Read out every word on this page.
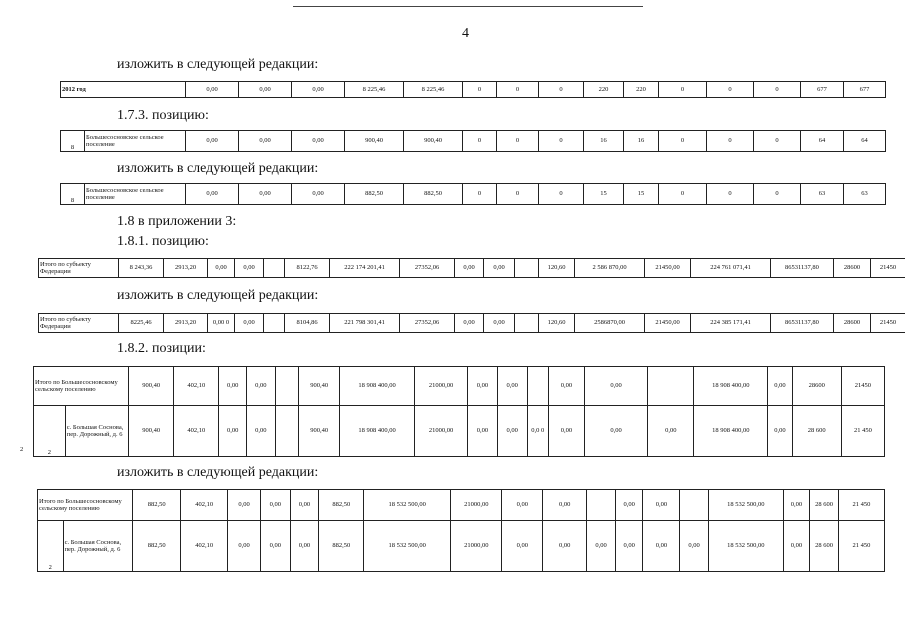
4
изложить в следующей редакции:
2012 год	0,00	0,00	0,00	8 225,46	8 225,46	0	0	0	220	220	0	0	0	677	677
1.7.3. позицию:
8	Большесосновское сельское поселение	0,00	0,00	0,00	900,40	900,40	0	0	0	16	16	0	0	0	64	64
изложить в следующей редакции:
8	Большесосновское сельское поселение	0,00	0,00	0,00	882,50	882,50	0	0	0	15	15	0	0	0	63	63
1.8 в приложении 3:
1.8.1. позицию:
Итого по субъекту Федерации	8 243,36	2913,20	0,00	0,00		8122,76	222 174 201,41	27352,06	0,00	0,00		120,60	2 586 870,00	21450,00	224 761 071,41	86531137,80	28600	21450
изложить в следующей редакции:
Итого по субъекту Федерации	8225,46	2913,20	0,00 0	0,00		8104,86	221 798 301,41	27352,06	0,00	0,00		120,60	2586870,00	21450,00	224 385 171,41	86531137,80	28600	21450
1.8.2. позиции:
Итого по Большесосновскому сельскому поселению		900,40	402,10	0,00	0,00		900,40	18 908 400,00	21000,00	0,00	0,00		0,00	0,00		18 908 400,00	0,00	28600	21450
2	с. Большая Соснова, пер. Дорожный, д. 6	900,40	402,10	0,00	0,00		900,40	18 908 400,00	21000,00	0,00	0,00	0,0 0	0,00	0,00	0,00	18 908 400,00	0,00	28 600	21 450
2
изложить в следующей редакции:
Итого по Большесосновскому сельскому поселению		882,50	402,10	0,00	0,00	0,00	882,50	18 532 500,00	21000,00	0,00	0,00		0,00	0,00		18 532 500,00	0,00	28 600	21 450
2	с. Большая Соснова, пер. Дорожный, д. 6	882,50	402,10	0,00	0,00	0,00	882,50	18 532 500,00	21000,00	0,00	0,00	0,00	0,00	0,00	0,00	18 532 500,00	0,00	28 600	21 450
